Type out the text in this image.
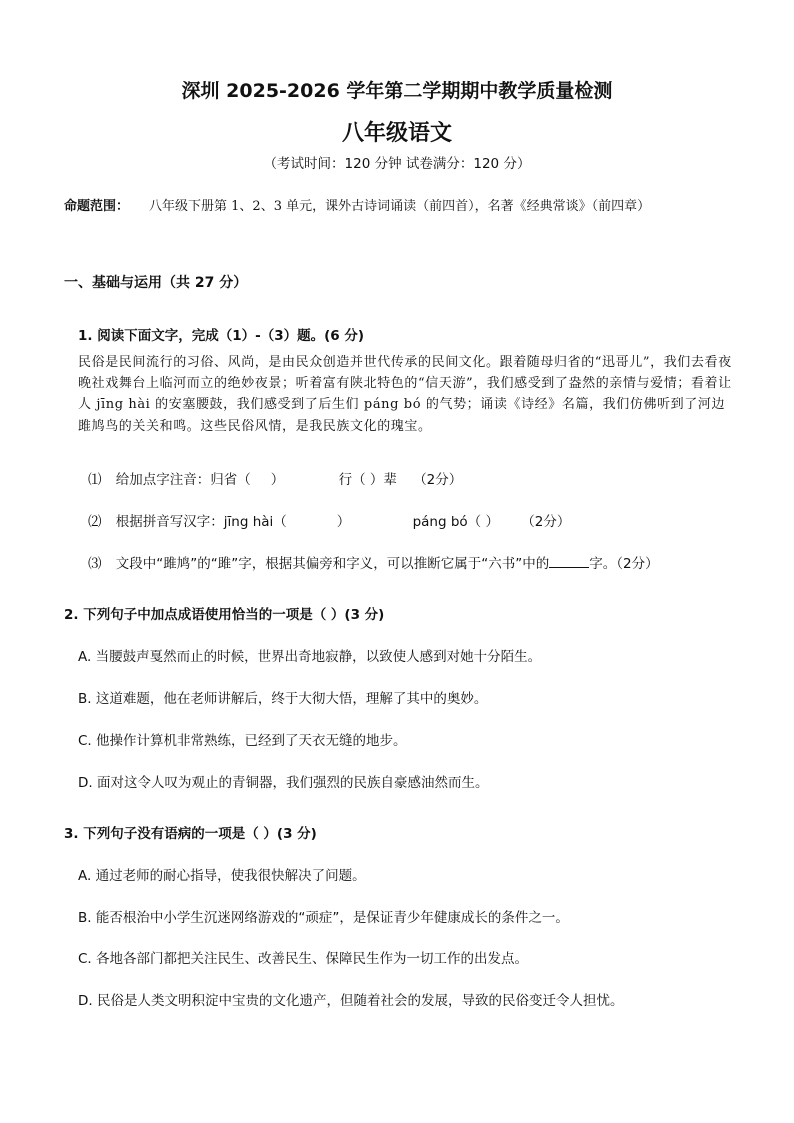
深圳 2025-2026 学年第二学期期中教学质量检测
八年级语文
（考试时间：120 分钟 试卷满分：120 分）
命题范围： 八年级下册第 1、2、3 单元，课外古诗词诵读（前四首），名著《经典常谈》（前四章）
一、基础与运用（共 27 分）
1. 阅读下面文字，完成（1）-（3）题。(6 分)
民俗是民间流行的习俗、风尚，是由民众创造并世代传承的民间文化。跟着随母归省的“迅哥儿”，我们去看夜晚社戏舞台上临河而立的绝妙夜景；听着富有陕北特色的“信天游”，我们感受到了盎然的亲情与爱情；看着让人 jīng hài 的安塞腰鼓，我们感受到了后生们 páng bó 的气势；诵读《诗经》名篇，我们仿佛听到了河边雎鸠鸟的关关和鸣。这些民俗风情，是我民族文化的瑰宝。
⑴ 给加点字注音：归省（ ）	行（ ）辈 （2分）
⑵ 根据拼音写汉字：jīng hài（	）	páng bó（ ） （2分）
⑶ 文段中“雎鸠”的“雎”字，根据其偏旁和字义，可以推断它属于“六书”中的	字。（2分）
2. 下列句子中加点成语使用恰当的一项是（ ）(3 分)
A. 当腰鼓声戛然而止的时候，世界出奇地寂静，以致使人感到对她十分陌生。
B. 这道难题，他在老师讲解后，终于大彻大悟，理解了其中的奥妙。
C. 他操作计算机非常熟练，已经到了天衣无缝的地步。
D. 面对这令人叹为观止的青铜器，我们强烈的民族自豪感油然而生。
3. 下列句子没有语病的一项是（ ）(3 分)
A. 通过老师的耐心指导，使我很快解决了问题。
B. 能否根治中小学生沉迷网络游戏的“顽症”，是保证青少年健康成长的条件之一。
C. 各地各部门都把关注民生、改善民生、保障民生作为一切工作的出发点。
D. 民俗是人类文明积淀中宝贵的文化遗产，但随着社会的发展，导致的民俗变迁令人担忧。
